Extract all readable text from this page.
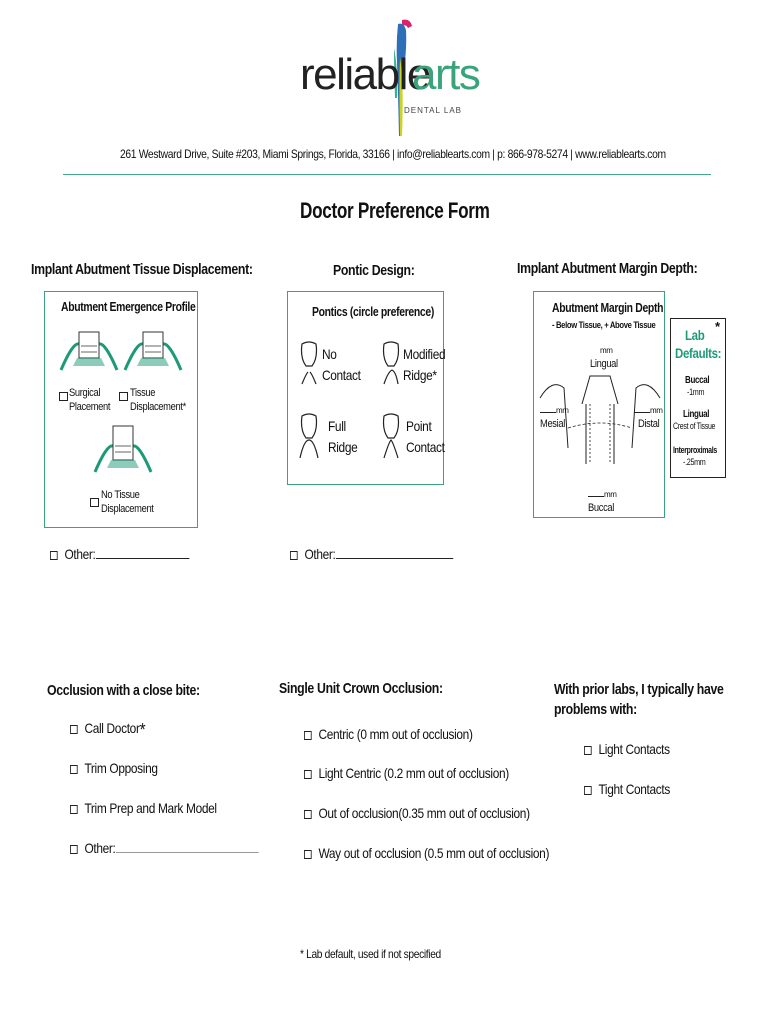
reliable
arts
DENTAL LAB
261 Westward Drive, Suite #203, Miami Springs, Florida, 33166 | info@reliablearts.com | p: 866-978-5274 | www.reliablearts.com
Doctor Preference Form
Implant Abutment Tissue Displacement:	Pontic Design:	Implant Abutment Margin Depth:
Abutment Emergence Profile
Surgical
Placement
Tissue
Displacement*
No Tissue
Displacement
Pontics (circle preference)
No
Contact
Modified
Ridge*
Full
Ridge
Point
Contact
Abutment Margin Depth
- Below Tissue, + Above Tissue
mm
Lingual
mm
Mesial
mm
Distal
mm
Buccal
*
Lab
Defaults:
Buccal
-1mm
Lingual
Crest of Tissue
Interproximals
-.25mm
Other:	Other:
Occlusion with a close bite:	Single Unit Crown Occlusion:	With prior labs, I typically have
problems with:
Call Doctor*
Trim Opposing
Trim Prep and Mark Model
Other:
Centric (0 mm out of occlusion)
Light Centric (0.2 mm out of occlusion)
Out of occlusion(0.35 mm out of occlusion)
Way out of occlusion (0.5 mm out of occlusion)
Light Contacts
Tight Contacts
* Lab default, used if not specified
